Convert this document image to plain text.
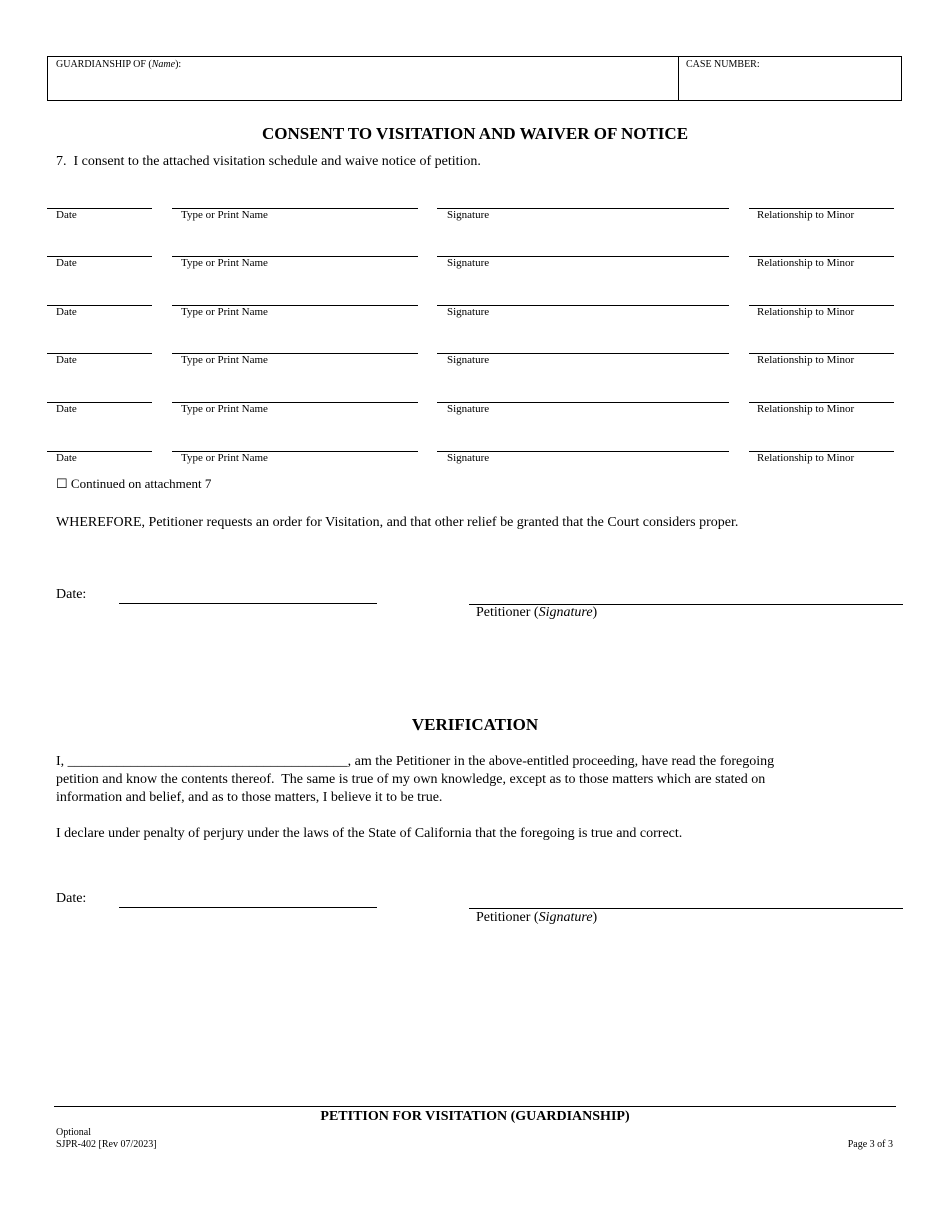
GUARDIANSHIP OF (Name):	CASE NUMBER:
CONSENT TO VISITATION AND WAIVER OF NOTICE
7. I consent to the attached visitation schedule and waive notice of petition.
Date	Type or Print Name	Signature	Relationship to Minor
Date	Type or Print Name	Signature	Relationship to Minor
Date	Type or Print Name	Signature	Relationship to Minor
Date	Type or Print Name	Signature	Relationship to Minor
Date	Type or Print Name	Signature	Relationship to Minor
Date	Type or Print Name	Signature	Relationship to Minor
☐ Continued on attachment 7
WHEREFORE, Petitioner requests an order for Visitation, and that other relief be granted that the Court considers proper.
Date:
Petitioner (Signature)
VERIFICATION
I, ________________________________________, am the Petitioner in the above-entitled proceeding, have read the foregoing
petition and know the contents thereof.  The same is true of my own knowledge, except as to those matters which are stated on
information and belief, and as to those matters, I believe it to be true.
I declare under penalty of perjury under the laws of the State of California that the foregoing is true and correct.
Date:
Petitioner (Signature)
PETITION FOR VISITATION (GUARDIANSHIP)
Optional
SJPR-402 [Rev 07/2023]	Page 3 of 3
